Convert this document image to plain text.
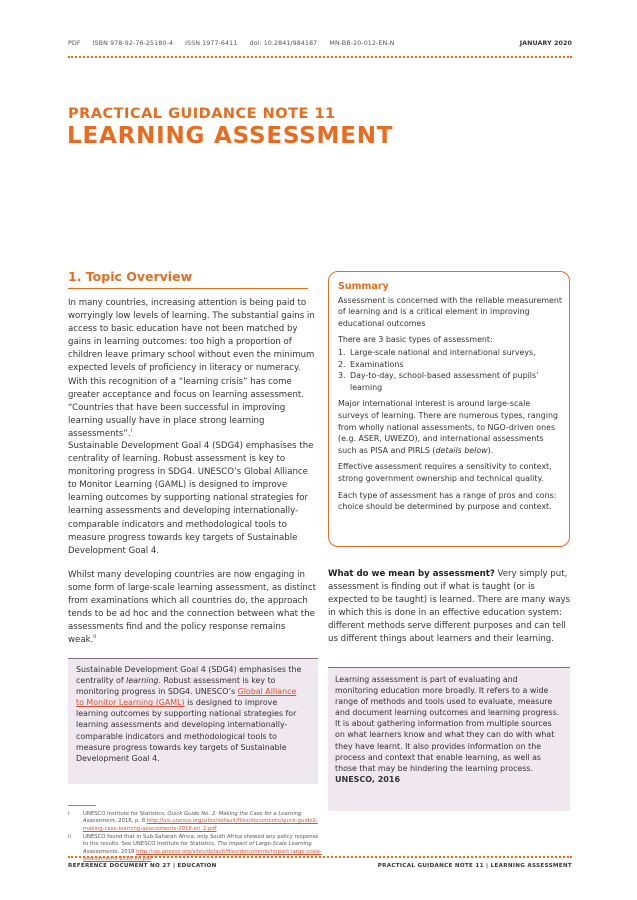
PDF ISBN 978-92-76-25180-4 ISSN 1977-6411 doi: 10.2841/984187 MN-BB-20-012-EN-N	JANUARY 2020
PRACTICAL GUIDANCE NOTE 11
LEARNING ASSESSMENT
1. Topic Overview
In many countries, increasing attention is being paid to worryingly low levels of learning. The substantial gains in access to basic education have not been matched by gains in learning outcomes: too high a proportion of children leave primary school without even the minimum expected levels of proficiency in literacy or numeracy. With this recognition of a “learning crisis” has come greater acceptance and focus on learning assessment. “Countries that have been successful in improving learning usually have in place strong learning assessments”.$^i$
Sustainable Development Goal 4 (SDG4) emphasises the centrality of learning. Robust assessment is key to monitoring progress in SDG4. UNESCO’s Global Alliance to Monitor Learning (GAML) is designed to improve learning outcomes by supporting national strategies for learning assessments and developing internationally-comparable indicators and methodological tools to measure progress towards key targets of Sustainable Development Goal 4.
Whilst many developing countries are now engaging in some form of large-scale learning assessment, as distinct from examinations which all countries do, the approach tends to be ad hoc and the connection between what the assessments find and the policy response remains weak.$^{ii}$
Sustainable Development Goal 4 (SDG4) emphasises the centrality of learning. Robust assessment is key to monitoring progress in SDG4. UNESCO’s Global Alliance to Monitor Learning (GAML) is designed to improve learning outcomes by supporting national strategies for learning assessments and developing internationally-comparable indicators and methodological tools to measure progress towards key targets of Sustainable Development Goal 4.
i	UNESCO Institute for Statistics, Quick Guide No. 2: Making the Case for a Learning Assessment, 2018, p. 8 http://uis.unesco.org/sites/default/files/documents/quick-guide2-making-case-learning-assessments-2018-en_2.pdf
ii UNESCO found that in Sub-Saharan Africa, only South Africa showed any policy response to the results. See UNESCO Institute for Statistics, The Impact of Large-Scale Learning Assessments, 2018 http://uis.unesco.org/sites/default/files/documents/impact-large-scale-assessments-2018-en.pdf
Summary

Assessment is concerned with the reliable measurement of learning and is a critical element in improving educational outcomes

There are 3 basic types of assessment:

1. Large-scale national and international surveys,
2. Examinations
3. Day-to-day, school-based assessment of pupils’ learning

Major international interest is around large-scale surveys of learning. There are numerous types, ranging from wholly national assessments, to NGO-driven ones (e.g. ASER, UWEZO), and international assessments such as PISA and PIRLS (details below).

Effective assessment requires a sensitivity to context, strong government ownership and technical quality.

Each type of assessment has a range of pros and cons: choice should be determined by purpose and context.

What do we mean by assessment? Very simply put, assessment is finding out if what is taught (or is expected to be taught) is learned. There are many ways in which this is done in an effective education system: different methods serve different purposes and can tell us different things about learners and their learning.
Learning assessment is part of evaluating and monitoring education more broadly. It refers to a wide range of methods and tools used to evaluate, measure and document learning outcomes and learning progress. It is about gathering information from multiple sources on what learners know and what they can do with what they have learnt. It also provides information on the process and context that enable learning, as well as those that may be hindering the learning process.
UNESCO, 2016
REFERENCE DOCUMENT NO 27 | EDUCATION	PRACTICAL GUIDANCE NOTE 11 | LEARNING ASSESSMENT
